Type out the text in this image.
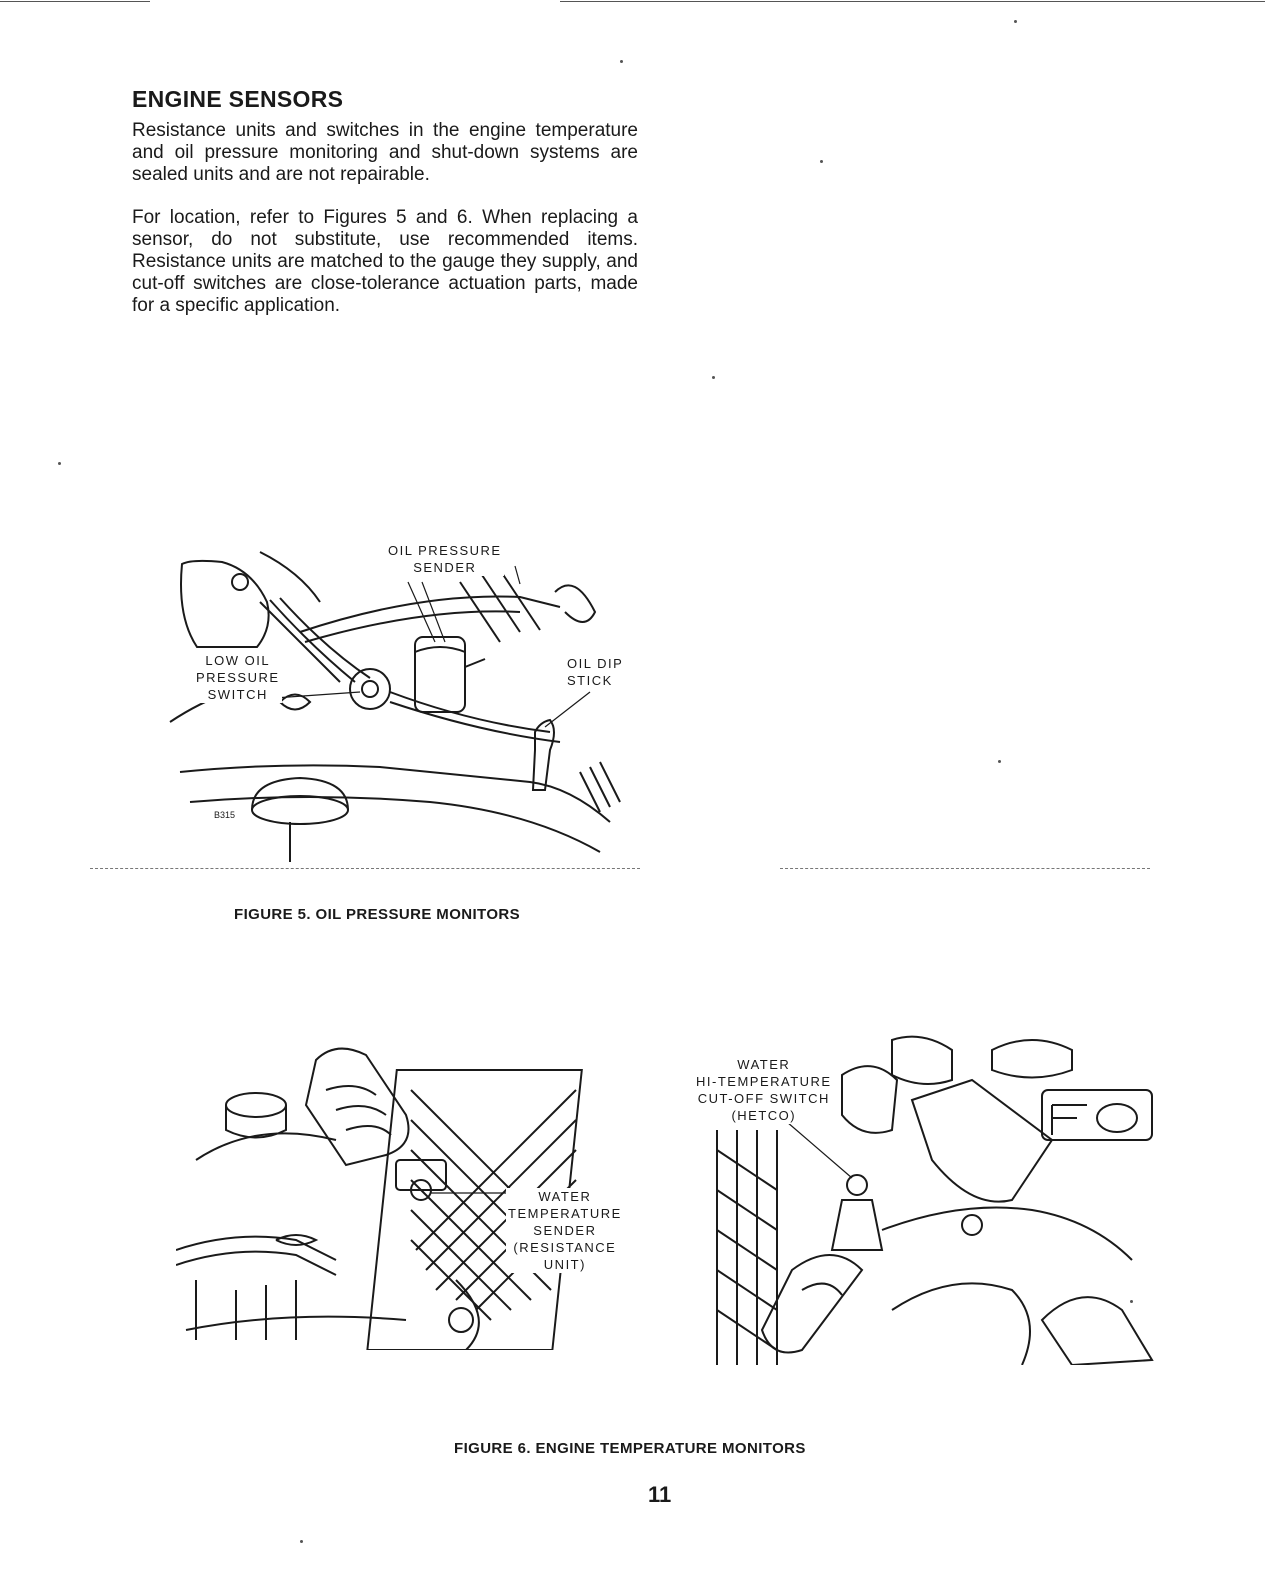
ENGINE SENSORS
Resistance units and switches in the engine temperature and oil pressure monitoring and shut-down systems are sealed units and are not repairable.
For location, refer to Figures 5 and 6. When replacing a sensor, do not substitute, use recommended items. Resistance units are matched to the gauge they supply, and cut-off switches are close-tolerance actuation parts, made for a specific application.
OIL PRESSURE
SENDER
LOW OIL
PRESSURE
SWITCH
OIL DIP
STICK
B315
FIGURE 5. OIL PRESSURE MONITORS
WATER
TEMPERATURE
SENDER
(RESISTANCE
UNIT)
WATER
HI-TEMPERATURE
CUT-OFF SWITCH
(HETCO)
FIGURE 6. ENGINE TEMPERATURE MONITORS
11
